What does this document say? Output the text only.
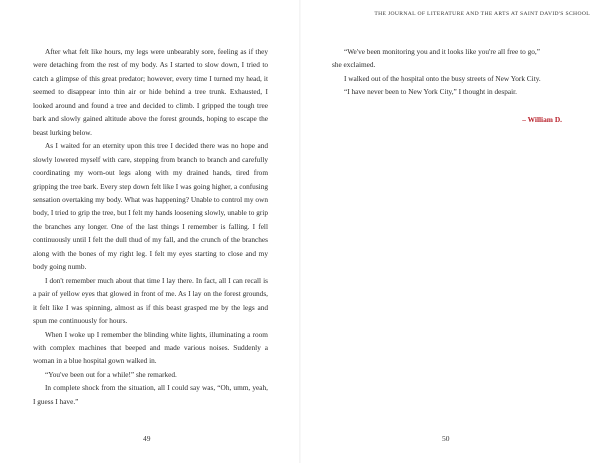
After what felt like hours, my legs were unbearably sore, feeling as if they were detaching from the rest of my body. As I started to slow down, I tried to catch a glimpse of this great predator; however, every time I turned my head, it seemed to disappear into thin air or hide behind a tree trunk. Exhausted, I looked around and found a tree and decided to climb. I gripped the tough tree bark and slowly gained altitude above the forest grounds, hoping to escape the beast lurking below.

As I waited for an eternity upon this tree I decided there was no hope and slowly lowered myself with care, stepping from branch to branch and carefully coordinating my worn-out legs along with my drained hands, tired from gripping the tree bark. Every step down felt like I was going higher, a confusing sensation overtaking my body. What was happening? Unable to control my own body, I tried to grip the tree, but I felt my hands loosening slowly, unable to grip the branches any longer. One of the last things I remember is falling. I fell continuously until I felt the dull thud of my fall, and the crunch of the branches along with the bones of my right leg. I felt my eyes starting to close and my body going numb.

I don't remember much about that time I lay there. In fact, all I can recall is a pair of yellow eyes that glowed in front of me. As I lay on the forest grounds, it felt like I was spinning, almost as if this beast grasped me by the legs and spun me continuously for hours.

When I woke up I remember the blinding white lights, illuminating a room with complex machines that beeped and made various noises. Suddenly a woman in a blue hospital gown walked in.

“You've been out for a while!” she remarked.

In complete shock from the situation, all I could say was, “Oh, umm, yeah, I guess I have.”

49
THE JOURNAL OF LITERATURE AND THE ARTS AT SAINT DAVID'S SCHOOL

“We've been monitoring you and it looks like you're all free to go,”

she exclaimed.

I walked out of the hospital onto the busy streets of New York City.

“I have never been to New York City,” I thought in despair.

– William D.
50
